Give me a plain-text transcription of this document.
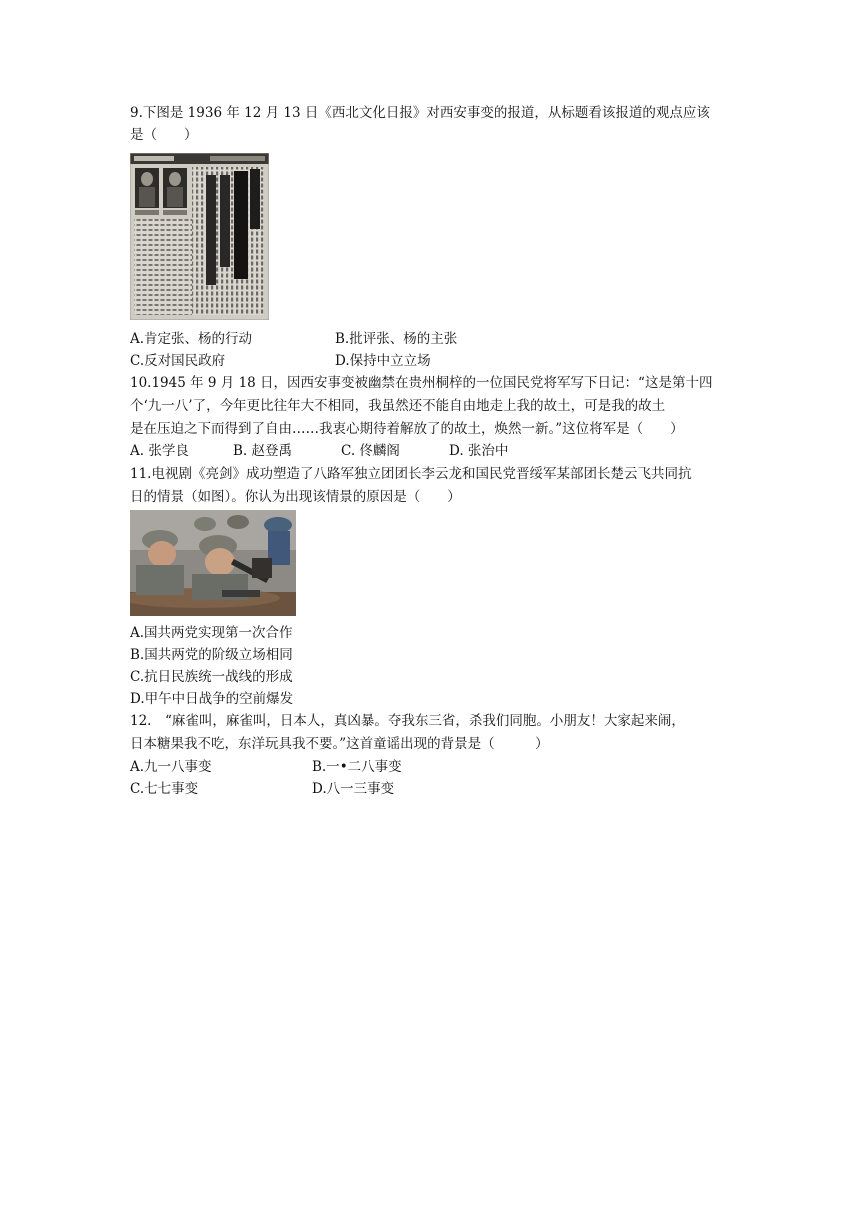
9.下图是 1936 年 12 月 13 日《西北文化日报》对西安事变的报道，从标题看该报道的观点应该
是（　　）
A.肯定张、杨的行动	B.批评张、杨的主张
C.反对国民政府	D.保持中立立场
10.1945 年 9 月 18 日，因西安事变被幽禁在贵州桐梓的一位国民党将军写下日记：“这是第十四
个‘九一八’了，今年更比往年大不相同，我虽然还不能自由地走上我的故土，可是我的故土
是在压迫之下而得到了自由……我衷心期待着解放了的故土，焕然一新。”这位将军是（　　）
A. 张学良	B. 赵登禹	C. 佟麟阁	D. 张治中
11.电视剧《亮剑》成功塑造了八路军独立团团长李云龙和国民党晋绥军某部团长楚云飞共同抗
日的情景（如图）。你认为出现该情景的原因是（　　）
A.国共两党实现第一次合作
B.国共两党的阶级立场相同
C.抗日民族统一战线的形成
D.甲午中日战争的空前爆发
12.　“麻雀叫，麻雀叫，日本人，真凶暴。夺我东三省，杀我们同胞。小朋友！大家起来闹，
日本糖果我不吃，东洋玩具我不要。”这首童谣出现的背景是（　　　）
A.九一八事变	B.一•二八事变
C.七七事变	D.八一三事变
